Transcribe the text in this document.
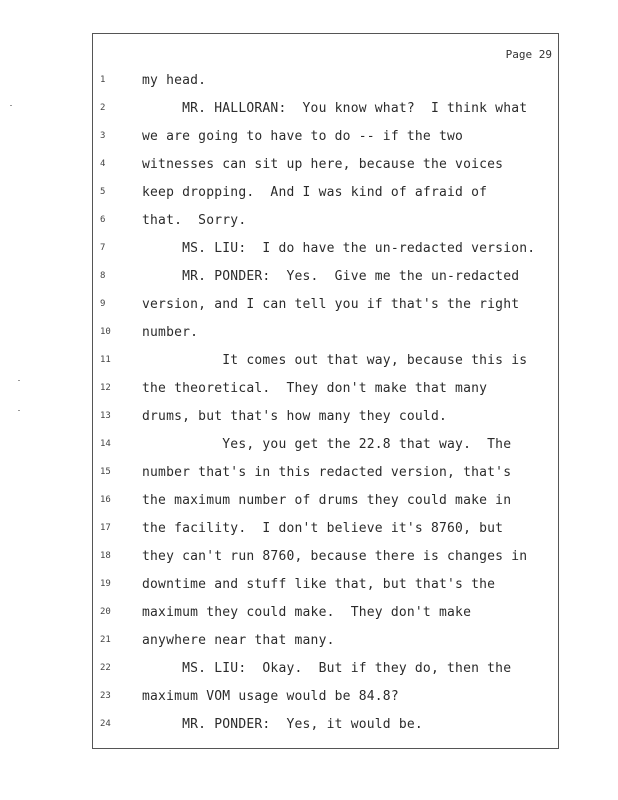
Page 29
1
2
3
4
5
6
7
8
9
10
11
12
13
14
15
16
17
18
19
20
21
22
23
24
my head.
MR. HALLORAN:  You know what?  I think what
we are going to have to do -- if the two
witnesses can sit up here, because the voices
keep dropping.  And I was kind of afraid of
that.  Sorry.
MS. LIU:  I do have the un-redacted version.
MR. PONDER:  Yes.  Give me the un-redacted
version, and I can tell you if that's the right
number.
It comes out that way, because this is
the theoretical.  They don't make that many
drums, but that's how many they could.
Yes, you get the 22.8 that way.  The
number that's in this redacted version, that's
the maximum number of drums they could make in
the facility.  I don't believe it's 8760, but
they can't run 8760, because there is changes in
downtime and stuff like that, but that's the
maximum they could make.  They don't make
anywhere near that many.
MS. LIU:  Okay.  But if they do, then the
maximum VOM usage would be 84.8?
MR. PONDER:  Yes, it would be.
